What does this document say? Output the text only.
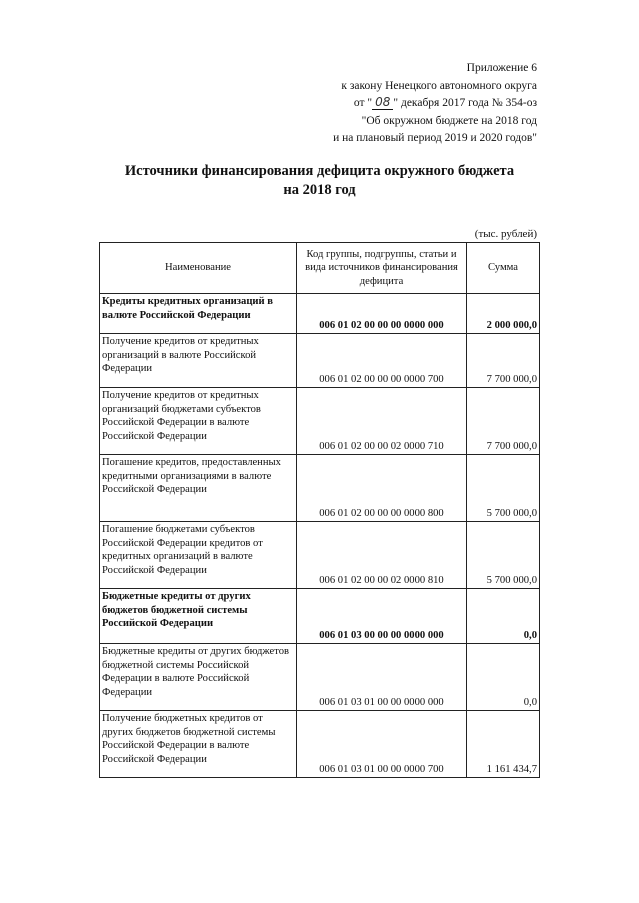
Приложение 6
к закону Ненецкого автономного округа
от " 08 " декабря 2017 года № 354-оз
"Об окружном бюджете на 2018 год
и на плановый период 2019 и 2020 годов"
Источники финансирования дефицита окружного бюджета
на 2018 год
(тыс. рублей)
Наименование	Код группы, подгруппы, статьи и вида источников финансирования дефицита	Сумма
Кредиты кредитных организаций в валюте Российской Федерации	006 01 02 00 00 00 0000 000	2 000 000,0
Получение кредитов от кредитных организаций в валюте Российской Федерации	006 01 02 00 00 00 0000 700	7 700 000,0
Получение кредитов от кредитных организаций бюджетами субъектов Российской Федерации в валюте Российской Федерации	006 01 02 00 00 02 0000 710	7 700 000,0
Погашение кредитов, предоставленных кредитными организациями в валюте Российской Федерации	006 01 02 00 00 00 0000 800	5 700 000,0
Погашение бюджетами субъектов Российской Федерации кредитов от кредитных организаций в валюте Российской Федерации	006 01 02 00 00 02 0000 810	5 700 000,0
Бюджетные кредиты от других бюджетов бюджетной системы Российской Федерации	006 01 03 00 00 00 0000 000	0,0
Бюджетные кредиты от других бюджетов бюджетной системы Российской Федерации в валюте Российской Федерации	006 01 03 01 00 00 0000 000	0,0
Получение бюджетных кредитов от других бюджетов бюджетной системы Российской Федерации в валюте Российской Федерации	006 01 03 01 00 00 0000 700	1 161 434,7
